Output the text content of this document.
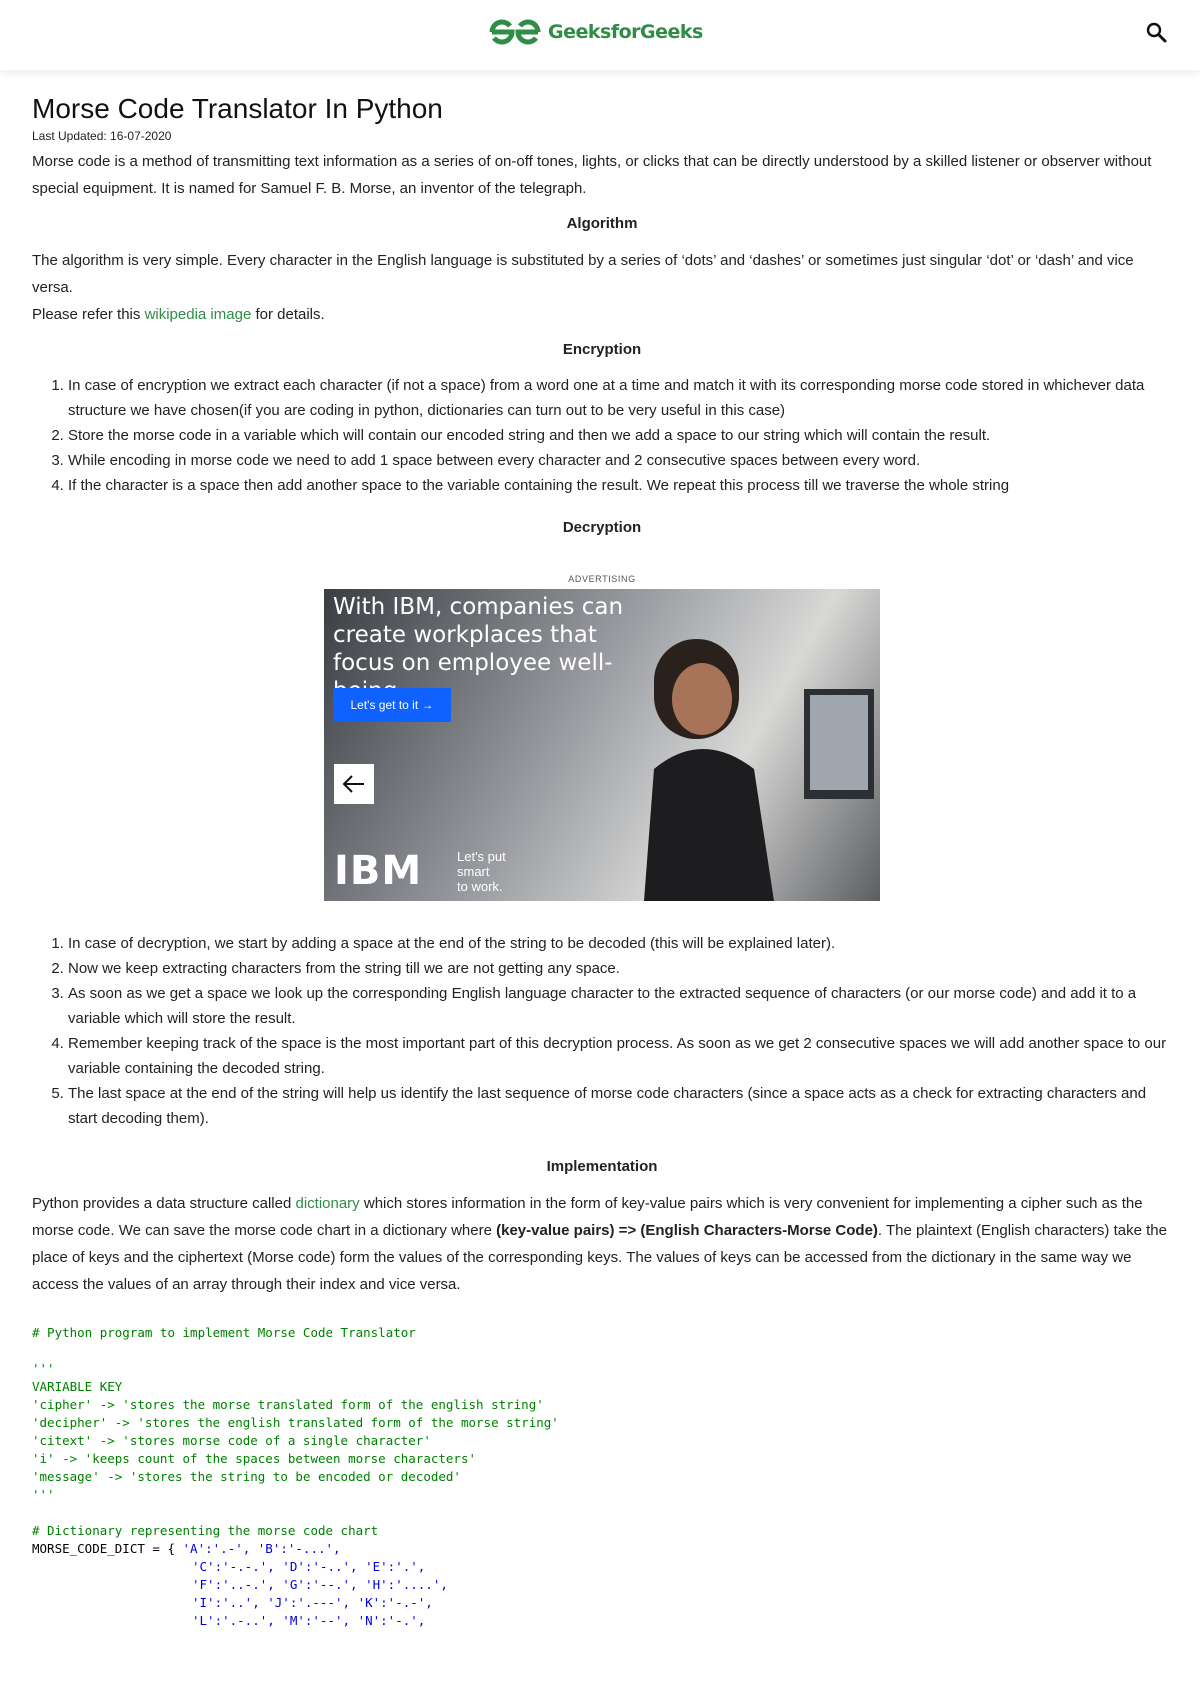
GeeksforGeeks
Morse Code Translator In Python
Last Updated: 16-07-2020

Morse code is a method of transmitting text information as a series of on-off tones, lights, or clicks that can be directly understood by a skilled listener or observer without special equipment. It is named for Samuel F. B. Morse, an inventor of the telegraph.

Algorithm

The algorithm is very simple. Every character in the English language is substituted by a series of ‘dots’ and ‘dashes’ or sometimes just singular ‘dot’ or ‘dash’ and vice versa.

Please refer this wikipedia image for details.

Encryption
1. In case of encryption we extract each character (if not a space) from a word one at a time and match it with its corresponding morse code stored in whichever data structure we have chosen(if you are coding in python, dictionaries can turn out to be very useful in this case)
2. Store the morse code in a variable which will contain our encoded string and then we add a space to our string which will contain the result.
3. While encoding in morse code we need to add 1 space between every character and 2 consecutive spaces between every word.
4. If the character is a space then add another space to the variable containing the result. We repeat this process till we traverse the whole string
Decryption
ADVERTISING
With IBM, companies can create workplaces that focus on employee well-
Let's get to it →
IBM	Let's put
smart
to work.
1. In case of decryption, we start by adding a space at the end of the string to be decoded (this will be explained later).
2. Now we keep extracting characters from the string till we are not getting any space.
3. As soon as we get a space we look up the corresponding English language character to the extracted sequence of characters (or our morse code) and add it to a variable which will store the result.
4. Remember keeping track of the space is the most important part of this decryption process. As soon as we get 2 consecutive spaces we will add another space to our variable containing the decoded string.
5. The last space at the end of the string will help us identify the last sequence of morse code characters (since a space acts as a check for extracting characters and start decoding them).
Implementation

Python provides a data structure called dictionary which stores information in the form of key-value pairs which is very convenient for implementing a cipher such as the morse code. We can save the morse code chart in a dictionary where (key-value pairs) => (English Characters-Morse Code). The plaintext (English characters) take the place of keys and the ciphertext (Morse code) form the values of the corresponding keys. The values of keys can be accessed from the dictionary in the same way we access the values of an array through their index and vice versa.

# Python program to implement Morse Code Translator
'''
VARIABLE KEY
'cipher' -> 'stores the morse translated form of the english string'
'decipher' -> 'stores the english translated form of the morse string'
'citext' -> 'stores morse code of a single character'
'i' -> 'keeps count of the spaces between morse characters'
'message' -> 'stores the string to be encoded or decoded'
'''
# Dictionary representing the morse code chart
MORSE_CODE_DICT = { 'A':'.-', 'B':'-...',
'C':'-.-.', 'D':'-..', 'E':'.',
'F':'..-.', 'G':'--.', 'H':'....',
'I':'..', 'J':'.---', 'K':'-.-',
'L':'.-..', 'M':'--', 'N':'-.',
